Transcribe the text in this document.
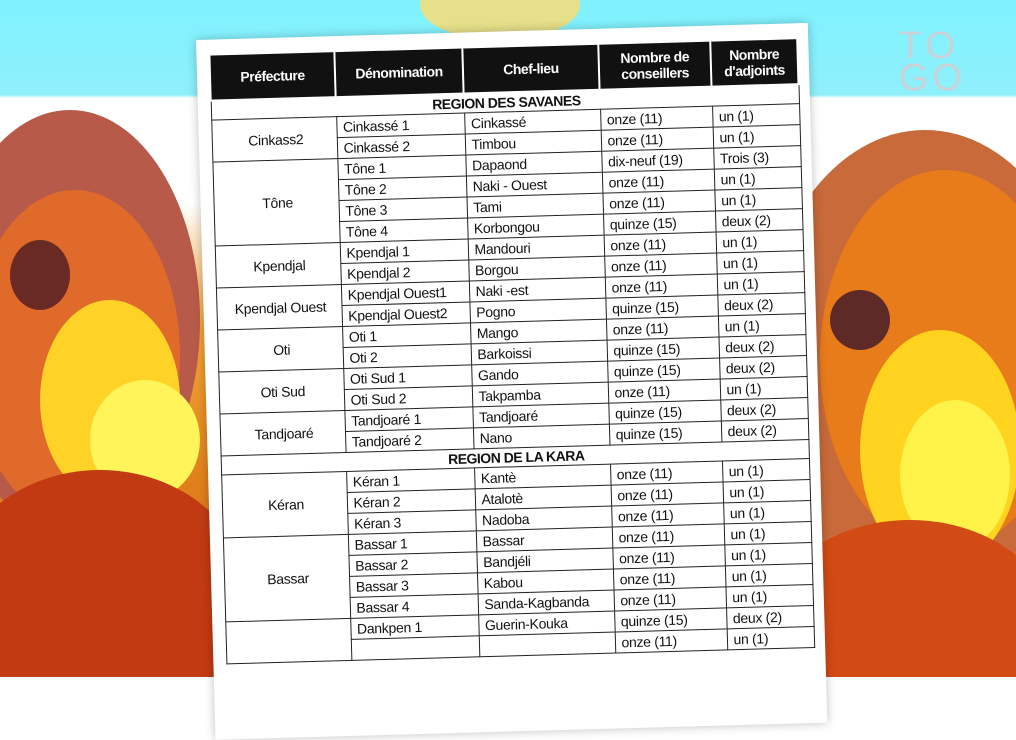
TO
GO
Préfecture	Dénomination	Chef-lieu	Nombre de conseillers	Nombre d'adjoints
REGION DES SAVANES				
Cinkass2	Cinkassé 1	Cinkassé	onze (11)	un (1)
	Cinkassé 2	Timbou	onze (11)	un (1)
Tône	Tône 1	Dapaond	dix-neuf (19)	Trois (3)
	Tône 2	Naki - Ouest	onze (11)	un (1)
	Tône 3	Tami	onze (11)	un (1)
	Tône 4	Korbongou	quinze (15)	deux (2)
Kpendjal	Kpendjal 1	Mandouri	onze (11)	un (1)
	Kpendjal 2	Borgou	onze (11)	un (1)
Kpendjal Ouest	Kpendjal Ouest1	Naki -est	onze (11)	un (1)
	Kpendjal Ouest2	Pogno	quinze (15)	deux (2)
Oti	Oti 1	Mango	onze (11)	un (1)
	Oti 2	Barkoissi	quinze (15)	deux (2)
Oti Sud	Oti Sud 1	Gando	quinze (15)	deux (2)
	Oti Sud 2	Takpamba	onze (11)	un (1)
Tandjoaré	Tandjoaré 1	Tandjoaré	quinze (15)	deux (2)
	Tandjoaré 2	Nano	quinze (15)	deux (2)
REGION DE LA KARA				
Kéran	Kéran 1	Kantè	onze (11)	un (1)
	Kéran 2	Atalotè	onze (11)	un (1)
	Kéran 3	Nadoba	onze (11)	un (1)
Bassar	Bassar 1	Bassar	onze (11)	un (1)
	Bassar 2	Bandjéli	onze (11)	un (1)
	Bassar 3	Kabou	onze (11)	un (1)
	Bassar 4	Sanda-Kagbanda	onze (11)	un (1)
	Dankpen 1	Guerin-Kouka	quinze (15)	deux (2)
			onze (11)	un (1)
